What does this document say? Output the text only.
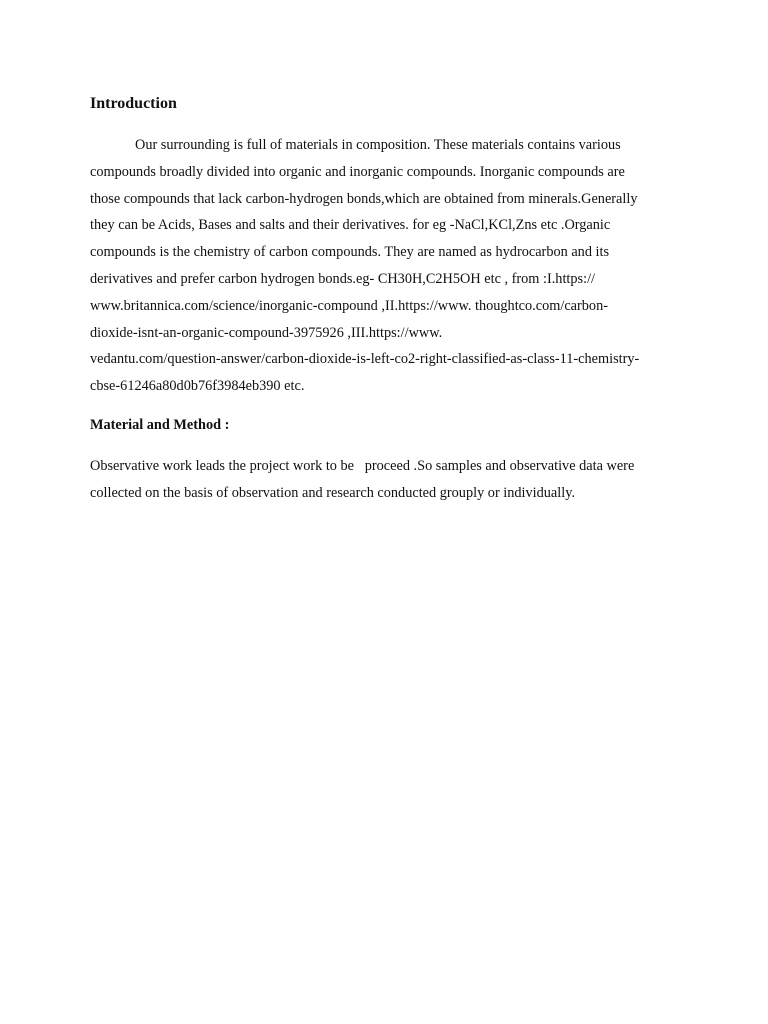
Introduction
Our surrounding is full of materials in composition. These materials contains various
compounds broadly divided into organic and inorganic compounds. Inorganic compounds are
those compounds that lack carbon-hydrogen bonds,which are obtained from minerals.Generally
they can be Acids, Bases and salts and their derivatives. for eg -NaCl,KCl,Zns etc .Organic
compounds is the chemistry of carbon compounds. They are named as hydrocarbon and its
derivatives and prefer carbon hydrogen bonds.eg- CH30H,C2H5OH etc , from :I.https://
www.britannica.com/science/inorganic-compound ,II.https://www. thoughtco.com/carbon-
dioxide-isnt-an-organic-compound-3975926 ,III.https://www.
vedantu.com/question-answer/carbon-dioxide-is-left-co2-right-classified-as-class-11-chemistry-
cbse-61246a80d0b76f3984eb390 etc.
Material and Method :
Observative work leads the project work to be   proceed .So samples and observative data were
collected on the basis of observation and research conducted grouply or individually.
